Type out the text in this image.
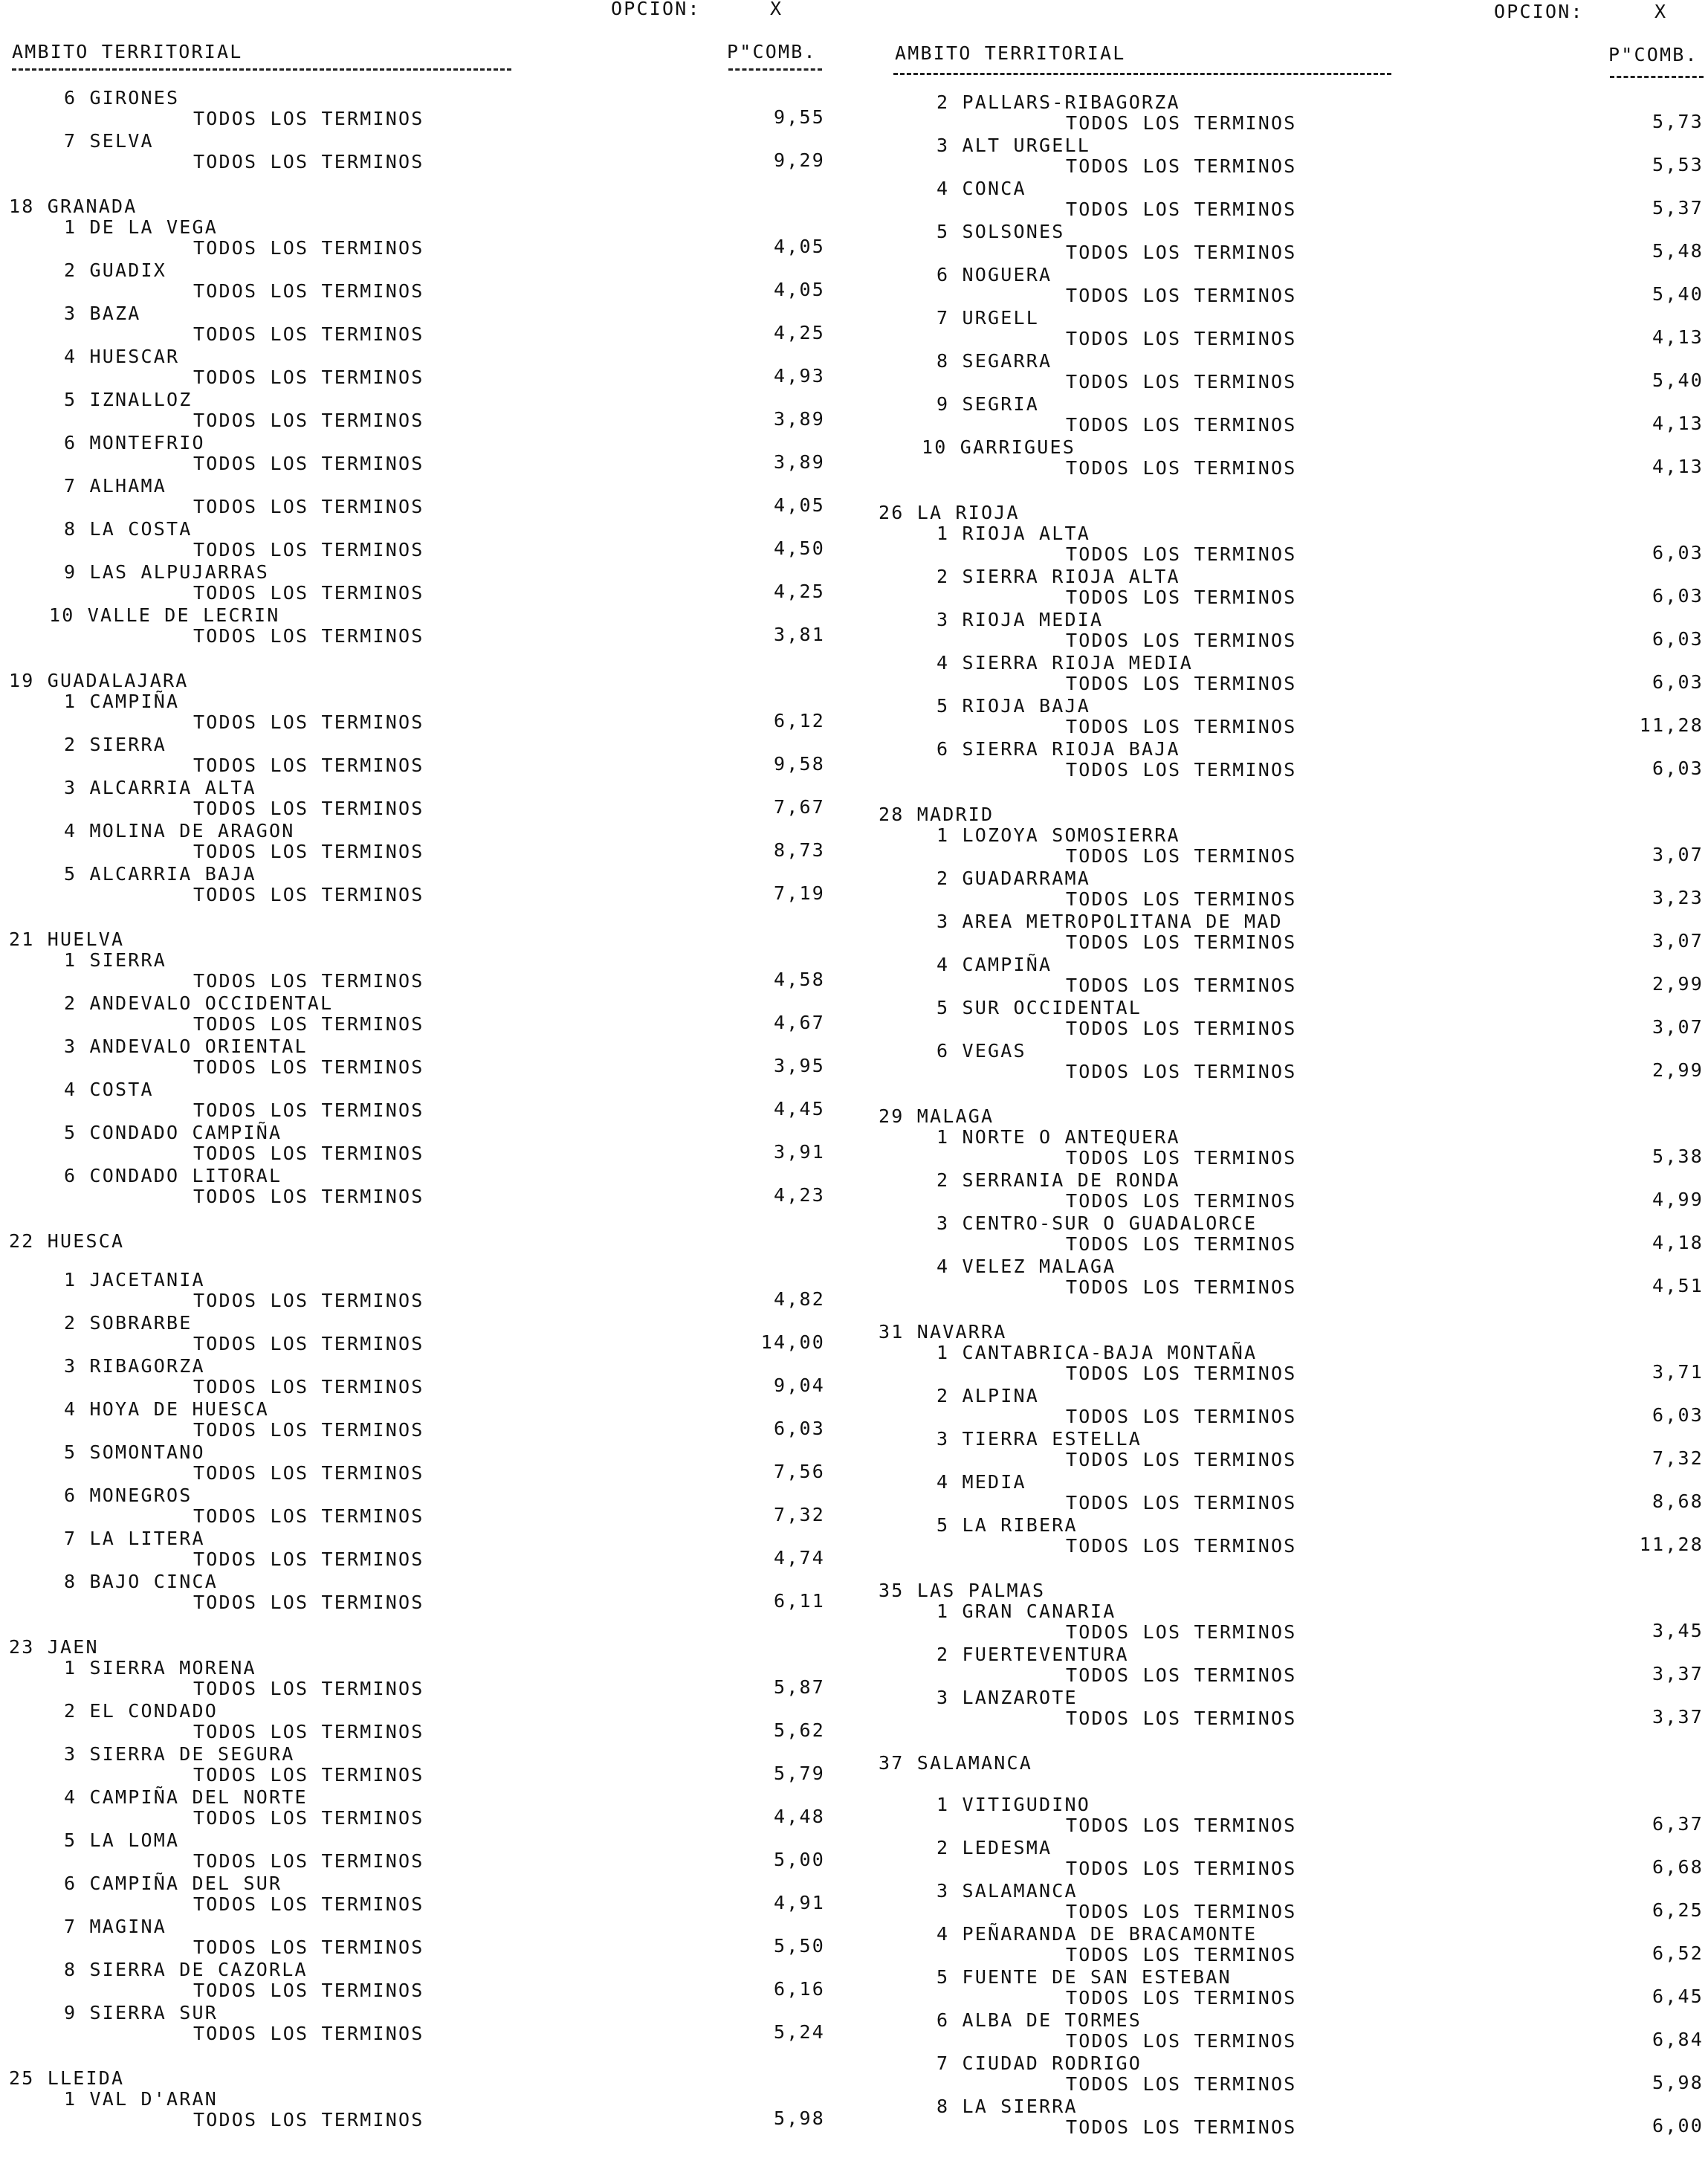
OPCION:	X
AMBITO TERRITORIAL	P"COMB.
6 GIRONES
TODOS LOS TERMINOS	9,55
7 SELVA
TODOS LOS TERMINOS	9,29
18 GRANADA
1 DE LA VEGA
TODOS LOS TERMINOS	4,05
2 GUADIX
TODOS LOS TERMINOS	4,05
3 BAZA
TODOS LOS TERMINOS	4,25
4 HUESCAR
TODOS LOS TERMINOS	4,93
5 IZNALLOZ
TODOS LOS TERMINOS	3,89
6 MONTEFRIO
TODOS LOS TERMINOS	3,89
7 ALHAMA
TODOS LOS TERMINOS	4,05
8 LA COSTA
TODOS LOS TERMINOS	4,50
9 LAS ALPUJARRAS
TODOS LOS TERMINOS	4,25
10 VALLE DE LECRIN
TODOS LOS TERMINOS	3,81
19 GUADALAJARA
1 CAMPIÑA
TODOS LOS TERMINOS	6,12
2 SIERRA
TODOS LOS TERMINOS	9,58
3 ALCARRIA ALTA
TODOS LOS TERMINOS	7,67
4 MOLINA DE ARAGON
TODOS LOS TERMINOS	8,73
5 ALCARRIA BAJA
TODOS LOS TERMINOS	7,19
21 HUELVA
1 SIERRA
TODOS LOS TERMINOS	4,58
2 ANDEVALO OCCIDENTAL
TODOS LOS TERMINOS	4,67
3 ANDEVALO ORIENTAL
TODOS LOS TERMINOS	3,95
4 COSTA
TODOS LOS TERMINOS	4,45
5 CONDADO CAMPIÑA
TODOS LOS TERMINOS	3,91
6 CONDADO LITORAL
TODOS LOS TERMINOS	4,23
22 HUESCA
1 JACETANIA
TODOS LOS TERMINOS	4,82
2 SOBRARBE
TODOS LOS TERMINOS	14,00
3 RIBAGORZA
TODOS LOS TERMINOS	9,04
4 HOYA DE HUESCA
TODOS LOS TERMINOS	6,03
5 SOMONTANO
TODOS LOS TERMINOS	7,56
6 MONEGROS
TODOS LOS TERMINOS	7,32
7 LA LITERA
TODOS LOS TERMINOS	4,74
8 BAJO CINCA
TODOS LOS TERMINOS	6,11
23 JAEN
1 SIERRA MORENA
TODOS LOS TERMINOS	5,87
2 EL CONDADO
TODOS LOS TERMINOS	5,62
3 SIERRA DE SEGURA
TODOS LOS TERMINOS	5,79
4 CAMPIÑA DEL NORTE
TODOS LOS TERMINOS	4,48
5 LA LOMA
TODOS LOS TERMINOS	5,00
6 CAMPIÑA DEL SUR
TODOS LOS TERMINOS	4,91
7 MAGINA
TODOS LOS TERMINOS	5,50
8 SIERRA DE CAZORLA
TODOS LOS TERMINOS	6,16
9 SIERRA SUR
TODOS LOS TERMINOS	5,24
25 LLEIDA
1 VAL D'ARAN
TODOS LOS TERMINOS	5,98
OPCION:	X
AMBITO TERRITORIAL	P"COMB.
2 PALLARS-RIBAGORZA
TODOS LOS TERMINOS	5,73
3 ALT URGELL
TODOS LOS TERMINOS	5,53
4 CONCA
TODOS LOS TERMINOS	5,37
5 SOLSONES
TODOS LOS TERMINOS	5,48
6 NOGUERA
TODOS LOS TERMINOS	5,40
7 URGELL
TODOS LOS TERMINOS	4,13
8 SEGARRA
TODOS LOS TERMINOS	5,40
9 SEGRIA
TODOS LOS TERMINOS	4,13
10 GARRIGUES
TODOS LOS TERMINOS	4,13
26 LA RIOJA
1 RIOJA ALTA
TODOS LOS TERMINOS	6,03
2 SIERRA RIOJA ALTA
TODOS LOS TERMINOS	6,03
3 RIOJA MEDIA
TODOS LOS TERMINOS	6,03
4 SIERRA RIOJA MEDIA
TODOS LOS TERMINOS	6,03
5 RIOJA BAJA
TODOS LOS TERMINOS	11,28
6 SIERRA RIOJA BAJA
TODOS LOS TERMINOS	6,03
28 MADRID
1 LOZOYA SOMOSIERRA
TODOS LOS TERMINOS	3,07
2 GUADARRAMA
TODOS LOS TERMINOS	3,23
3 AREA METROPOLITANA DE MAD
TODOS LOS TERMINOS	3,07
4 CAMPIÑA
TODOS LOS TERMINOS	2,99
5 SUR OCCIDENTAL
TODOS LOS TERMINOS	3,07
6 VEGAS
TODOS LOS TERMINOS	2,99
29 MALAGA
1 NORTE O ANTEQUERA
TODOS LOS TERMINOS	5,38
2 SERRANIA DE RONDA
TODOS LOS TERMINOS	4,99
3 CENTRO-SUR O GUADALORCE
TODOS LOS TERMINOS	4,18
4 VELEZ MALAGA
TODOS LOS TERMINOS	4,51
31 NAVARRA
1 CANTABRICA-BAJA MONTAÑA
TODOS LOS TERMINOS	3,71
2 ALPINA
TODOS LOS TERMINOS	6,03
3 TIERRA ESTELLA
TODOS LOS TERMINOS	7,32
4 MEDIA
TODOS LOS TERMINOS	8,68
5 LA RIBERA
TODOS LOS TERMINOS	11,28
35 LAS PALMAS
1 GRAN CANARIA
TODOS LOS TERMINOS	3,45
2 FUERTEVENTURA
TODOS LOS TERMINOS	3,37
3 LANZAROTE
TODOS LOS TERMINOS	3,37
37 SALAMANCA
1 VITIGUDINO
TODOS LOS TERMINOS	6,37
2 LEDESMA
TODOS LOS TERMINOS	6,68
3 SALAMANCA
TODOS LOS TERMINOS	6,25
4 PEÑARANDA DE BRACAMONTE
TODOS LOS TERMINOS	6,52
5 FUENTE DE SAN ESTEBAN
TODOS LOS TERMINOS	6,45
6 ALBA DE TORMES
TODOS LOS TERMINOS	6,84
7 CIUDAD RODRIGO
TODOS LOS TERMINOS	5,98
8 LA SIERRA
TODOS LOS TERMINOS	6,00
